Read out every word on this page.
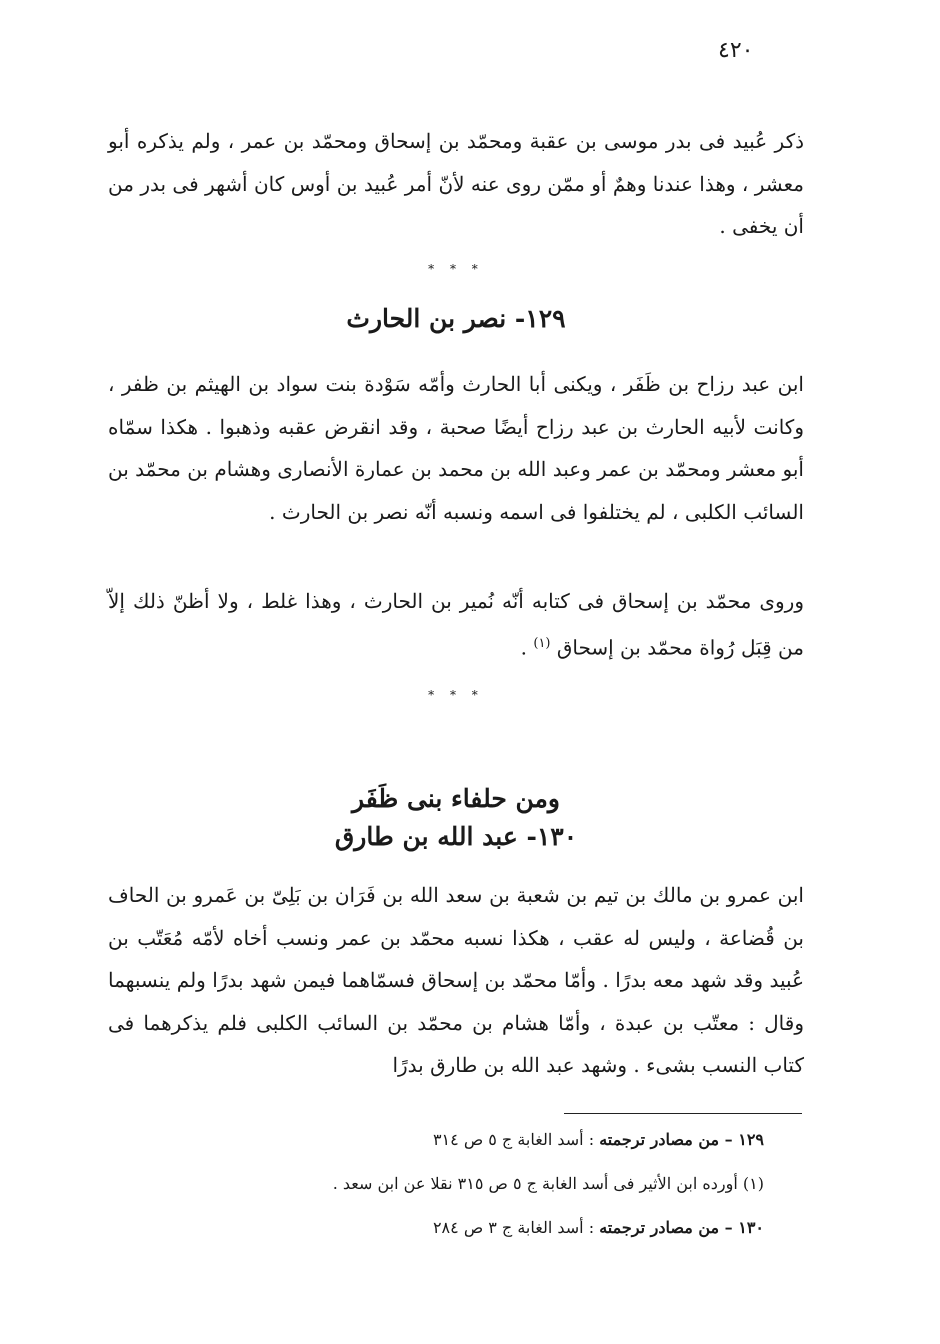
٤٢٠
ذكر عُبيد فى بدر موسى بن عقبة ومحمّد بن إسحاق ومحمّد بن عمر ، ولم يذكره أبو معشر ، وهذا عندنا وهمٌ أو ممّن روى عنه لأنّ أمر عُبيد بن أوس كان أشهر فى بدر من أن يخفى .
* * *
١٢٩- نصر بن الحارث
ابن عبد رزاح بن ظَفَر ، ويكنى أبا الحارث وأمّه سَوْدة بنت سواد بن الهيثم بن ظفر ، وكانت لأبيه الحارث بن عبد رزاح أيضًا صحبة ، وقد انقرض عقبه وذهبوا . هكذا سمّاه أبو معشر ومحمّد بن عمر وعبد الله بن محمد بن عمارة الأنصارى وهشام بن محمّد بن السائب الكلبى ، لم يختلفوا فى اسمه ونسبه أنّه نصر بن الحارث .
وروى محمّد بن إسحاق فى كتابه أنّه نُمير بن الحارث ، وهذا غلط ، ولا أظنّ ذلك إلاّ من قِبَل رُواة محمّد بن إسحاق $^{(١)}$ .
* * *
ومن حلفاء بنى ظَفَر
١٣٠- عبد الله بن طارق
ابن عمرو بن مالك بن تيم بن شعبة بن سعد الله بن فَرَان بن بَلِىّ بن عَمرو بن الحاف بن قُضاعة ، وليس له عقب ، هكذا نسبه محمّد بن عمر ونسب أخاه لأمّه مُعَتّب بن عُبيد وقد شهد معه بدرًا . وأمّا محمّد بن إسحاق فسمّاهما فيمن شهد بدرًا ولم ينسبهما وقال : معتّب بن عبدة ، وأمّا هشام بن محمّد بن السائب الكلبى فلم يذكرهما فى كتاب النسب بشىء . وشهد عبد الله بن طارق بدرًا
١٢٩ – من مصادر ترجمته : أسد الغابة ج ٥ ص ٣١٤
(١) أورده ابن الأثير فى أسد الغابة ج ٥ ص ٣١٥ نقلا عن ابن سعد .
١٣٠ – من مصادر ترجمته : أسد الغابة ج ٣ ص ٢٨٤
